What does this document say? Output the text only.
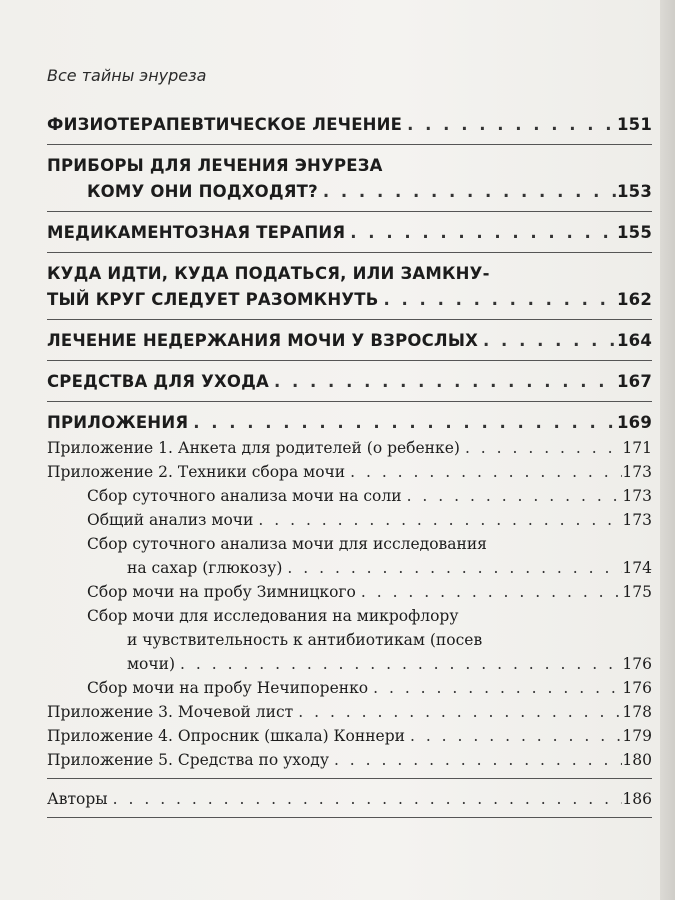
Все тайны энуреза
ФИЗИОТЕРАПЕВТИЧЕСКОЕ ЛЕЧЕНИЕ . . .	151
ПРИБОРЫ ДЛЯ ЛЕЧЕНИЯ ЭНУРЕЗА
КОМУ ОНИ ПОДХОДЯТ? . . .	153
МЕДИКАМЕНТОЗНАЯ ТЕРАПИЯ . . .	155
КУДА ИДТИ, КУДА ПОДАТЬСЯ, ИЛИ ЗАМКНУ-
ТЫЙ КРУГ СЛЕДУЕТ РАЗОМКНУТЬ . . .	162
ЛЕЧЕНИЕ НЕДЕРЖАНИЯ МОЧИ У ВЗРОСЛЫХ . . .	164
СРЕДСТВА ДЛЯ УХОДА . . .	167
ПРИЛОЖЕНИЯ . . .	169
Приложение 1. Анкета для родителей (о ребенке) . . .	171
Приложение 2. Техники сбора мочи . . .	173
Сбор суточного анализа мочи на соли . . .	173
Общий анализ мочи . . .	173
Сбор суточного анализа мочи для исследования
на сахар (глюкозу) . . .	174
Сбор мочи на пробу Зимницкого . . .	175
Сбор мочи для исследования на микрофлору
и чувствительность к антибиотикам (посев
мочи) . . .	176
Сбор мочи на пробу Нечипоренко . . .	176
Приложение 3. Мочевой лист . . .	178
Приложение 4. Опросник (шкала) Коннери . . .	179
Приложение 5. Средства по уходу . . .	180
Авторы . . .	186
